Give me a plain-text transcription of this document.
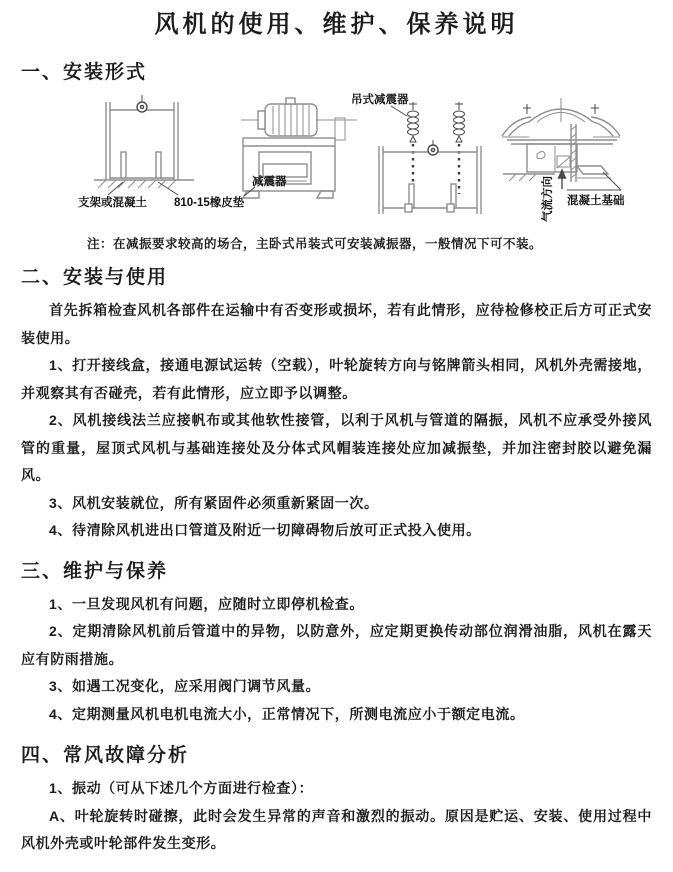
风机的使用、维护、保养说明
一、安装形式
支架或混凝土 810-15橡皮垫
减震器
吊式减震器
气流方向 混凝土基础

注：在减振要求较高的场合，主卧式吊装式可安装减振器，一般情况下可不装。

二、安装与使用

首先拆箱检查风机各部件在运输中有否变形或损坏，若有此情形，应待检修校正后方可正式安装使用。

1、打开接线盒，接通电源试运转（空载），叶轮旋转方向与铭牌箭头相同，风机外壳需接地，并观察其有否碰壳，若有此情形，应立即予以调整。

2、风机接线法兰应接帆布或其他软性接管，以利于风机与管道的隔振，风机不应承受外接风管的重量，屋顶式风机与基础连接处及分体式风帽装连接处应加减振垫，并加注密封胶以避免漏风。

3、风机安装就位，所有紧固件必须重新紧固一次。

4、待清除风机进出口管道及附近一切障碍物后放可正式投入使用。

三、维护与保养

1、一旦发现风机有问题，应随时立即停机检查。

2、定期清除风机前后管道中的异物，以防意外，应定期更换传动部位润滑油脂，风机在露天应有防雨措施。

3、如遇工况变化，应采用阀门调节风量。

4、定期测量风机电机电流大小，正常情况下，所测电流应小于额定电流。

四、常风故障分析

1、振动（可从下述几个方面进行检查）：

A、叶轮旋转时碰擦，此时会发生异常的声音和激烈的振动。原因是贮运、安装、使用过程中风机外壳或叶轮部件发生变形。
